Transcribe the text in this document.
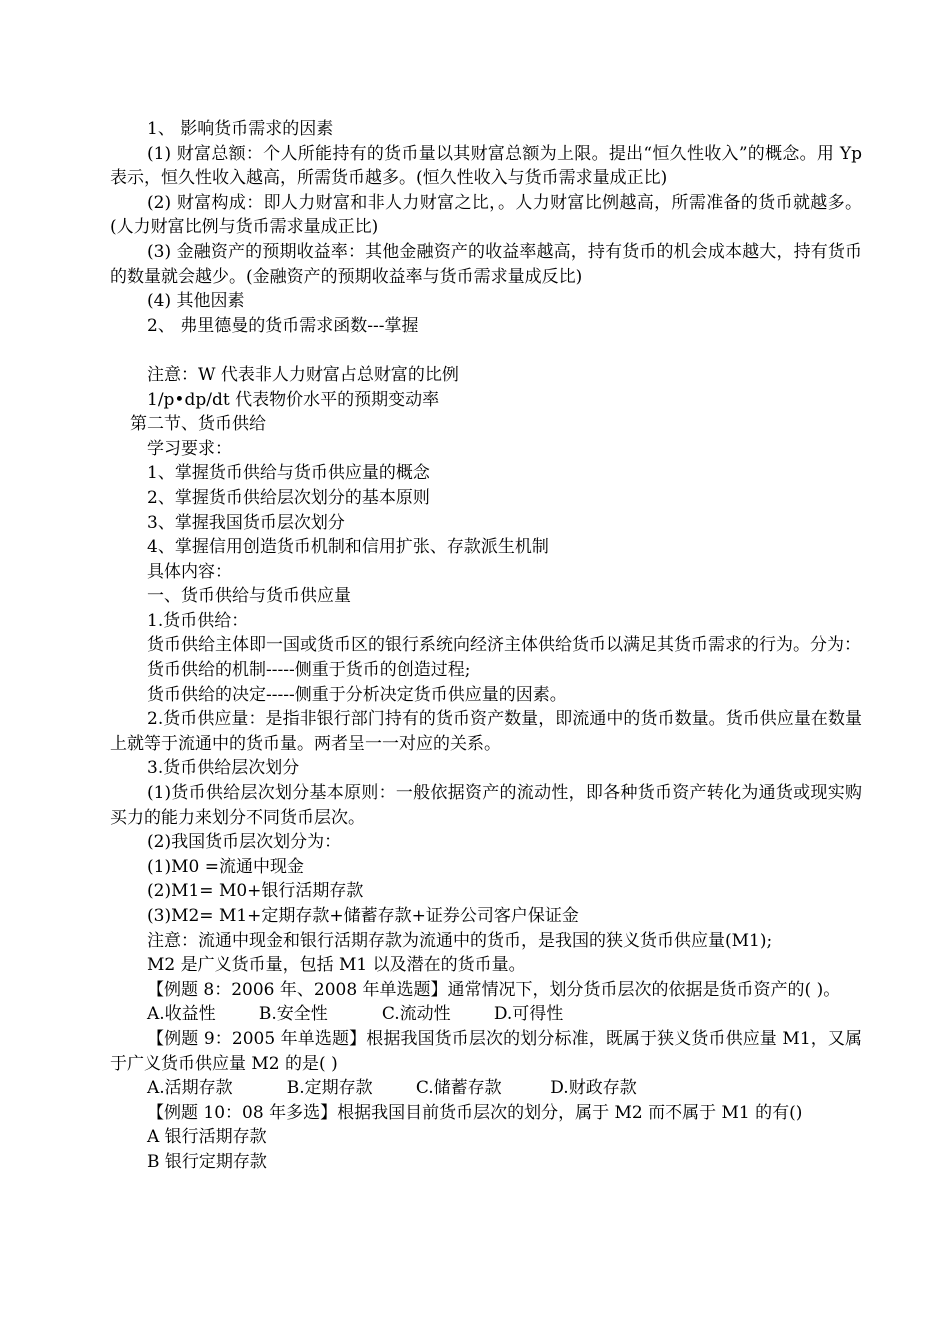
1、 影响货币需求的因素

(1) 财富总额：个人所能持有的货币量以其财富总额为上限。提出“恒久性收入”的概念。用 Yp 表示，恒久性收入越高，所需货币越多。(恒久性收入与货币需求量成正比)

(2) 财富构成：即人力财富和非人力财富之比，。人力财富比例越高，所需准备的货币就越多。(人力财富比例与货币需求量成正比)

(3) 金融资产的预期收益率：其他金融资产的收益率越高，持有货币的机会成本越大，持有货币的数量就会越少。(金融资产的预期收益率与货币需求量成反比)

(4) 其他因素

2、 弗里德曼的货币需求函数---掌握

注意：W 代表非人力财富占总财富的比例

1/p•dp/dt 代表物价水平的预期变动率

第二节、货币供给

学习要求：

1、掌握货币供给与货币供应量的概念

2、掌握货币供给层次划分的基本原则

3、掌握我国货币层次划分

4、掌握信用创造货币机制和信用扩张、存款派生机制

具体内容：

一、货币供给与货币供应量

1.货币供给：

货币供给主体即一国或货币区的银行系统向经济主体供给货币以满足其货币需求的行为。分为：

货币供给的机制-----侧重于货币的创造过程;

货币供给的决定-----侧重于分析决定货币供应量的因素。

2.货币供应量：是指非银行部门持有的货币资产数量，即流通中的货币数量。货币供应量在数量上就等于流通中的货币量。两者呈一一对应的关系。

3.货币供给层次划分

(1)货币供给层次划分基本原则：一般依据资产的流动性，即各种货币资产转化为通货或现实购买力的能力来划分不同货币层次。

(2)我国货币层次划分为：

(1)M0 =流通中现金

(2)M1= M0+银行活期存款

(3)M2= M1+定期存款+储蓄存款+证券公司客户保证金

注意：流通中现金和银行活期存款为流通中的货币，是我国的狭义货币供应量(M1);

M2 是广义货币量，包括 M1 以及潜在的货币量。

【例题 8：2006 年、2008 年单选题】通常情况下，划分货币层次的依据是货币资产的( )。

A.收益性        B.安全性          C.流动性        D.可得性

【例题 9：2005 年单选题】根据我国货币层次的划分标准，既属于狭义货币供应量 M1，又属于广义货币供应量 M2 的是( )

A.活期存款          B.定期存款        C.储蓄存款         D.财政存款

【例题 10：08 年多选】根据我国目前货币层次的划分，属于 M2 而不属于 M1 的有()

A 银行活期存款

B 银行定期存款
